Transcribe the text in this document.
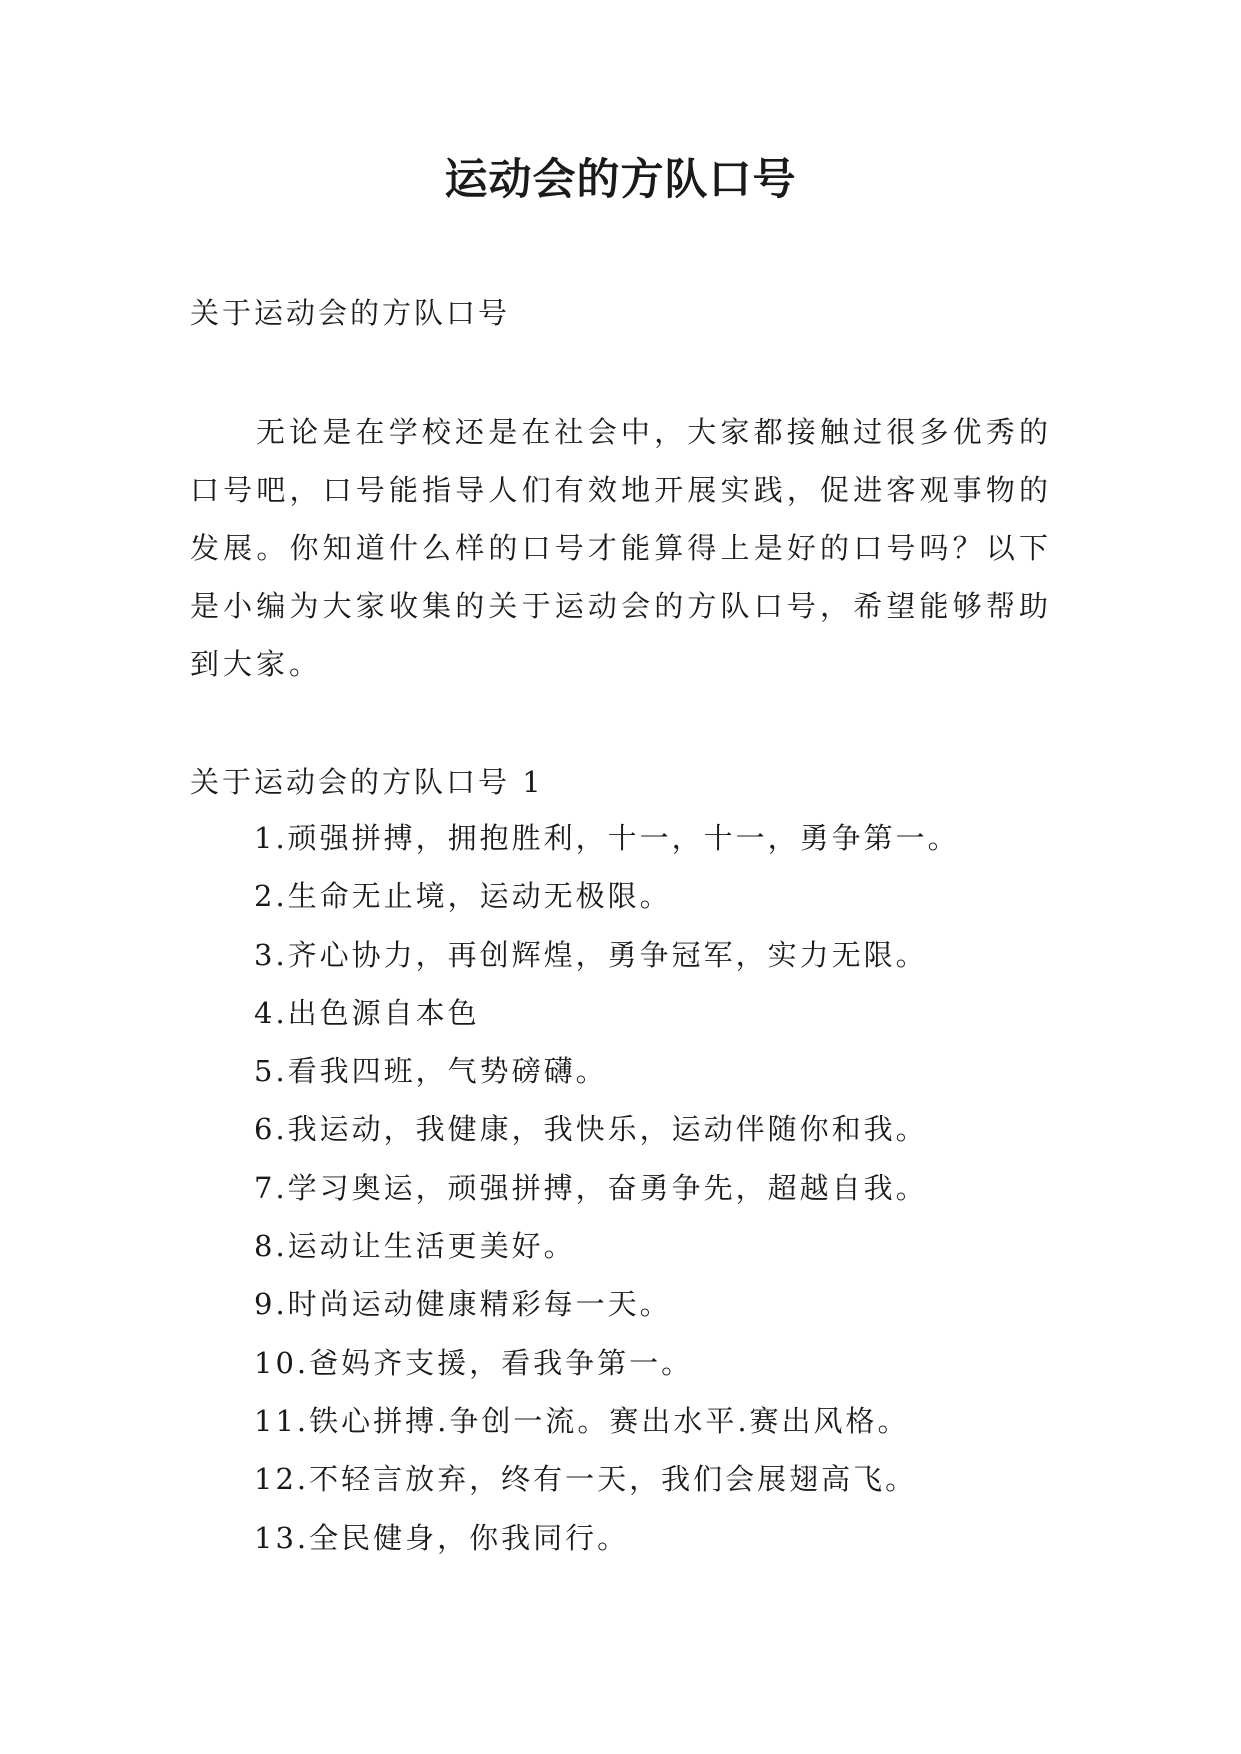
运动会的方队口号
关于运动会的方队口号

无论是在学校还是在社会中，大家都接触过很多优秀的口号吧，口号能指导人们有效地开展实践，促进客观事物的发展。你知道什么样的口号才能算得上是好的口号吗？以下是小编为大家收集的关于运动会的方队口号，希望能够帮助到大家。

关于运动会的方队口号 1
1.顽强拼搏，拥抱胜利，十一，十一，勇争第一。
2.生命无止境，运动无极限。
3.齐心协力，再创辉煌，勇争冠军，实力无限。
4.出色源自本色
5.看我四班，气势磅礴。
6.我运动，我健康，我快乐，运动伴随你和我。
7.学习奥运，顽强拼搏，奋勇争先，超越自我。
8.运动让生活更美好。
9.时尚运动健康精彩每一天。
10.爸妈齐支援，看我争第一。
11.铁心拼搏.争创一流。赛出水平.赛出风格。
12.不轻言放弃，终有一天，我们会展翅高飞。
13.全民健身，你我同行。
